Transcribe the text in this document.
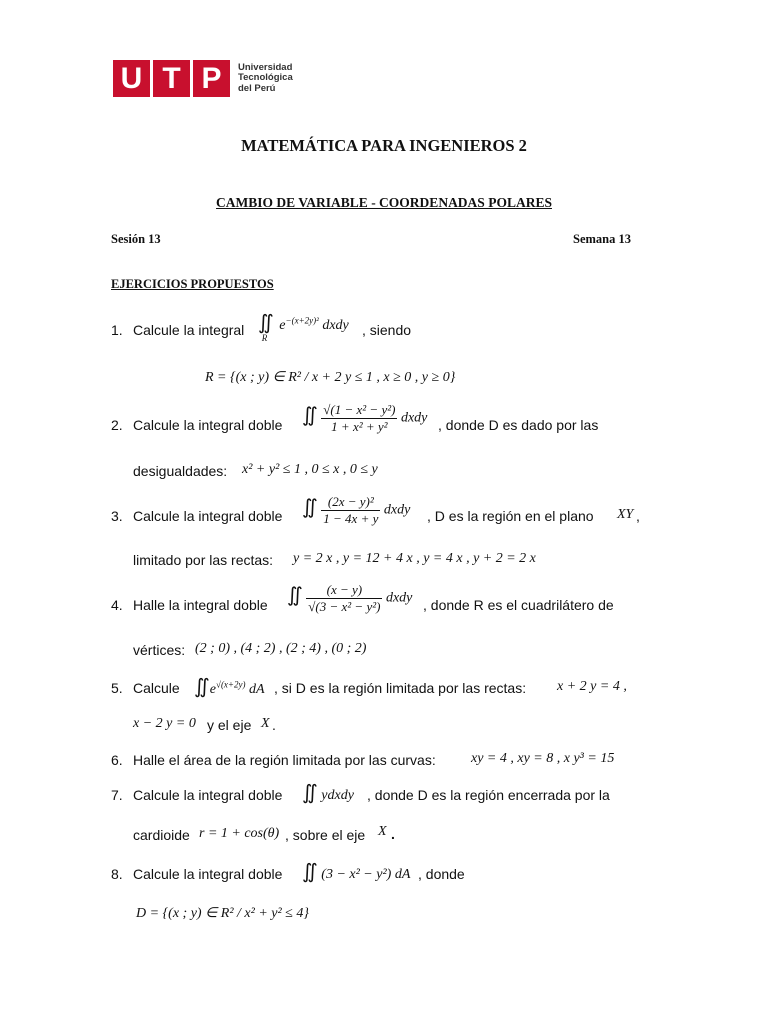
U T P	Universidad
Tecnológica
del Perú
MATEMÁTICA PARA INGENIEROS 2
CAMBIO DE VARIABLE - COORDENADAS POLARES
Sesión 13	Semana 13
EJERCICIOS PROPUESTOS
1. Calcule la integral $∬_Re^{-(x+2y)^2}$ dxdy , siendo
R = {(x ; y) ∈ R² / x + 2 y ≤ 1 , x ≥ 0 , y ≥ 0}
2. Calcule la integral doble ∬ $\frac{\text{√(1 − x² − y²)}}{\text{1 + x² + y²}}$ dxdy , donde D es dado por las
desigualdades: x² + y² ≤ 1 , 0 ≤ x , 0 ≤ y
3. Calcule la integral doble ∬ $\frac{\text{(2x − y)²}}{1 - 4x + y}$ dxdy , D es la región en el plano XY ,
limitado por las rectas: y = 2 x , y = 12 + 4 x , y = 4 x , y + 2 = 2 x
4. Halle la integral doble ∬ $\frac{(x - y)}{\text{√(3 − x² − y²)}}$ dxdy , donde R es el cuadrilátero de
vértices: (2 ; 0) , (4 ; 2) , (2 ; 4) , (0 ; 2)
5. Calcule $∬e^{√(x+2y)}$ dA , si D es la región limitada por las rectas: x + 2 y = 4 ,
x − 2 y = 0 y el eje X .
6. Halle el área de la región limitada por las curvas:	xy = 4 , xy = 8 , x y³ = 15
7. Calcule la integral doble ∬ ydxdy , donde D es la región encerrada por la
cardioide r = 1 + cos(θ) , sobre el eje X .
8. Calcule la integral doble ∬ (3 − x² − y²) dA , donde
D = {(x ; y) ∈ R² / x² + y² ≤ 4}
